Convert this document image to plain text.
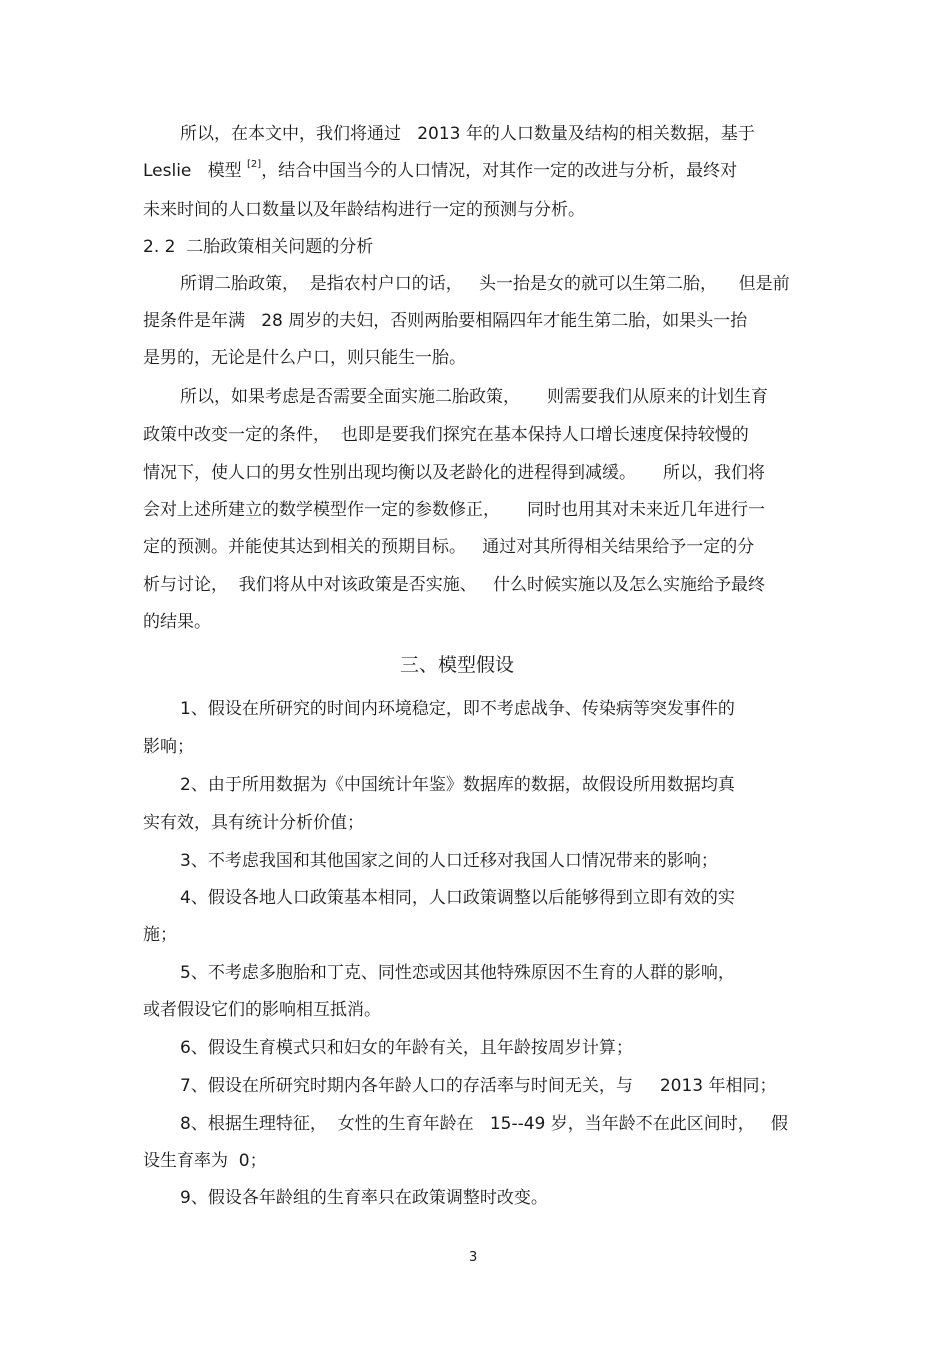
所以，在本文中，我们将通过   2013 年的人口数量及结构的相关数据，基于

Leslie   模型 [2]，结合中国当今的人口情况，对其作一定的改进与分析，最终对

未来时间的人口数量以及年龄结构进行一定的预测与分析。

2. 2  二胎政策相关问题的分析

所谓二胎政策，  是指农村户口的话，   头一抬是女的就可以生第二胎，    但是前

提条件是年满   28 周岁的夫妇，否则两胎要相隔四年才能生第二胎，如果头一抬

是男的，无论是什么户口，则只能生一胎。

所以，如果考虑是否需要全面实施二胎政策，     则需要我们从原来的计划生育

政策中改变一定的条件，  也即是要我们探究在基本保持人口增长速度保持较慢的

情况下，使人口的男女性别出现均衡以及老龄化的进程得到减缓。     所以，我们将

会对上述所建立的数学模型作一定的参数修正，     同时也用其对未来近几年进行一

定的预测。并能使其达到相关的预期目标。   通过对其所得相关结果给予一定的分

析与讨论，  我们将从中对该政策是否实施、   什么时候实施以及怎么实施给予最终

的结果。

三、模型假设

1、假设在所研究的时间内环境稳定，即不考虑战争、传染病等突发事件的

影响；

2、由于所用数据为《中国统计年鉴》数据库的数据，故假设所用数据均真

实有效，具有统计分析价值；

3、不考虑我国和其他国家之间的人口迁移对我国人口情况带来的影响；

4、假设各地人口政策基本相同，人口政策调整以后能够得到立即有效的实

施；

5、不考虑多胞胎和丁克、同性恋或因其他特殊原因不生育的人群的影响，

或者假设它们的影响相互抵消。

6、假设生育模式只和妇女的年龄有关，且年龄按周岁计算；

7、假设在所研究时期内各年龄人口的存活率与时间无关，与     2013 年相同；

8、根据生理特征，  女性的生育年龄在   15--49 岁，当年龄不在此区间时，   假

设生育率为  0；

9、假设各年龄组的生育率只在政策调整时改变。

3
